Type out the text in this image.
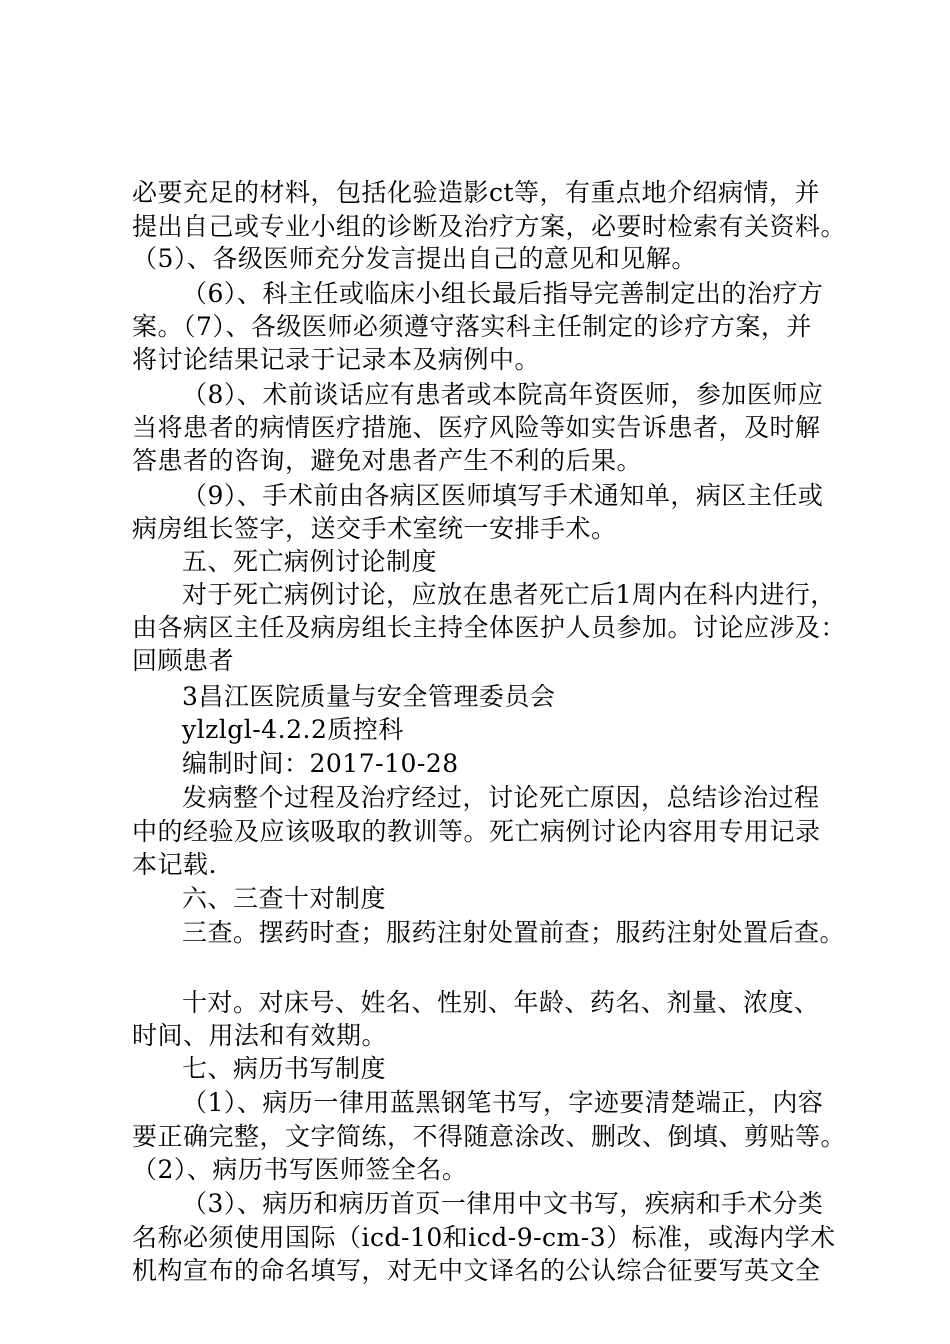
必要充足的材料，包括化验造影ct等，有重点地介绍病情，并
提出自己或专业小组的诊断及治疗方案，必要时检索有关资料。
（5）、各级医师充分发言提出自己的意见和见解。
（6）、科主任或临床小组长最后指导完善制定出的治疗方
案。（7）、各级医师必须遵守落实科主任制定的诊疗方案，并
将讨论结果记录于记录本及病例中。
（8）、术前谈话应有患者或本院高年资医师，参加医师应
当将患者的病情医疗措施、医疗风险等如实告诉患者，及时解
答患者的咨询，避免对患者产生不利的后果。
（9）、手术前由各病区医师填写手术通知单，病区主任或
病房组长签字，送交手术室统一安排手术。
五、死亡病例讨论制度
对于死亡病例讨论，应放在患者死亡后1周内在科内进行，
由各病区主任及病房组长主持全体医护人员参加。讨论应涉及：
回顾患者
3昌江医院质量与安全管理委员会
ylzlgl-4.2.2质控科
编制时间：2017-10-28
发病整个过程及治疗经过，讨论死亡原因，总结诊治过程
中的经验及应该吸取的教训等。死亡病例讨论内容用专用记录
本记载.
六、三查十对制度
三查。摆药时查；服药注射处置前查；服药注射处置后查。
十对。对床号、姓名、性别、年龄、药名、剂量、浓度、
时间、用法和有效期。
七、病历书写制度
（1）、病历一律用蓝黑钢笔书写，字迹要清楚端正，内容
要正确完整，文字简练，不得随意涂改、删改、倒填、剪贴等。
（2）、病历书写医师签全名。
（3）、病历和病历首页一律用中文书写，疾病和手术分类
名称必须使用国际（icd-10和icd-9-cm-3）标准，或海内学术
机构宣布的命名填写，对无中文译名的公认综合征要写英文全
